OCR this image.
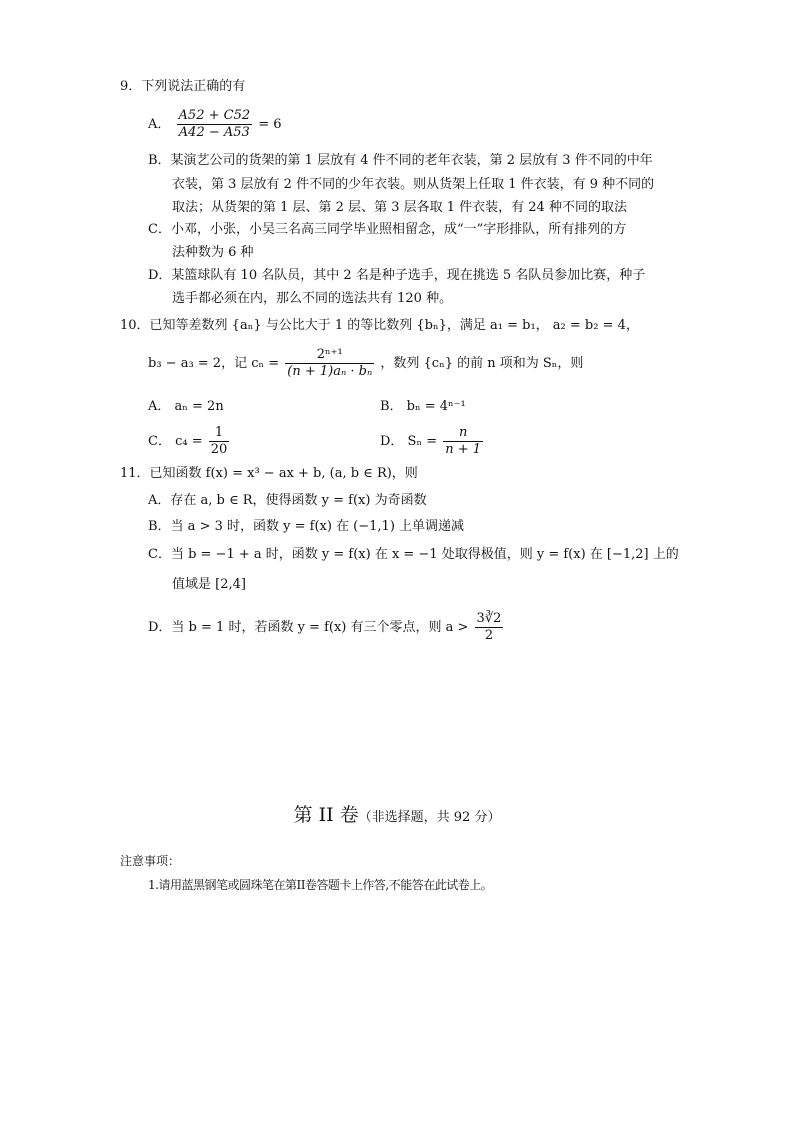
9．下列说法正确的有
A． $\frac{A52 + C52}{A42 - A53} = 6$
B．某演艺公司的货架的第 1 层放有 4 件不同的老年衣装，第 2 层放有 3 件不同的中年
衣装，第 3 层放有 2 件不同的少年衣装。则从货架上任取 1 件衣装，有 9 种不同的
取法；从货架的第 1 层、第 2 层、第 3 层各取 1 件衣装，有 24 种不同的取法
C．小邓，小张，小吴三名高三同学毕业照相留念，成“一”字形排队，所有排列的方
法种数为 6 种
D．某篮球队有 10 名队员，其中 2 名是种子选手，现在挑选 5 名队员参加比赛，种子
选手都必须在内，那么不同的选法共有 120 种。
10．已知等差数列 {aₙ} 与公比大于 1 的等比数列 {bₙ}，满足 a₁ = b₁， a₂ = b₂ = 4，
b₃ − a₃ = 2，记 $c_n = \frac{\text{2ⁿ⁺¹}}{\text{(n + 1)aₙ · bₙ}}$ ，数列 {cₙ} 的前 n 项和为 Sₙ，则
A． aₙ = 2n	B． bₙ = 4ⁿ⁻¹
C． $c_4 = \frac{1}{20}$	D． $S_n = \frac{n}{n + 1}$
11．已知函数 f(x) = x³ − ax + b, (a, b ∈ R)，则
A．存在 a, b ∈ R，使得函数 y = f(x) 为奇函数
B．当 a > 3 时，函数 y = f(x) 在 (−1,1) 上单调递减
C．当 b = −1 + a 时，函数 y = f(x) 在 x = −1 处取得极值，则 y = f(x) 在 [−1,2] 上的
值域是 [2,4]
D．当 b = 1 时，若函数 y = f(x) 有三个零点，则 $a > \frac{3∛2}{2}$
第 II 卷（非选择题，共 92 分）
注意事项：
1.请用蓝黑钢笔或圆珠笔在第II卷答题卡上作答,不能答在此试卷上。
